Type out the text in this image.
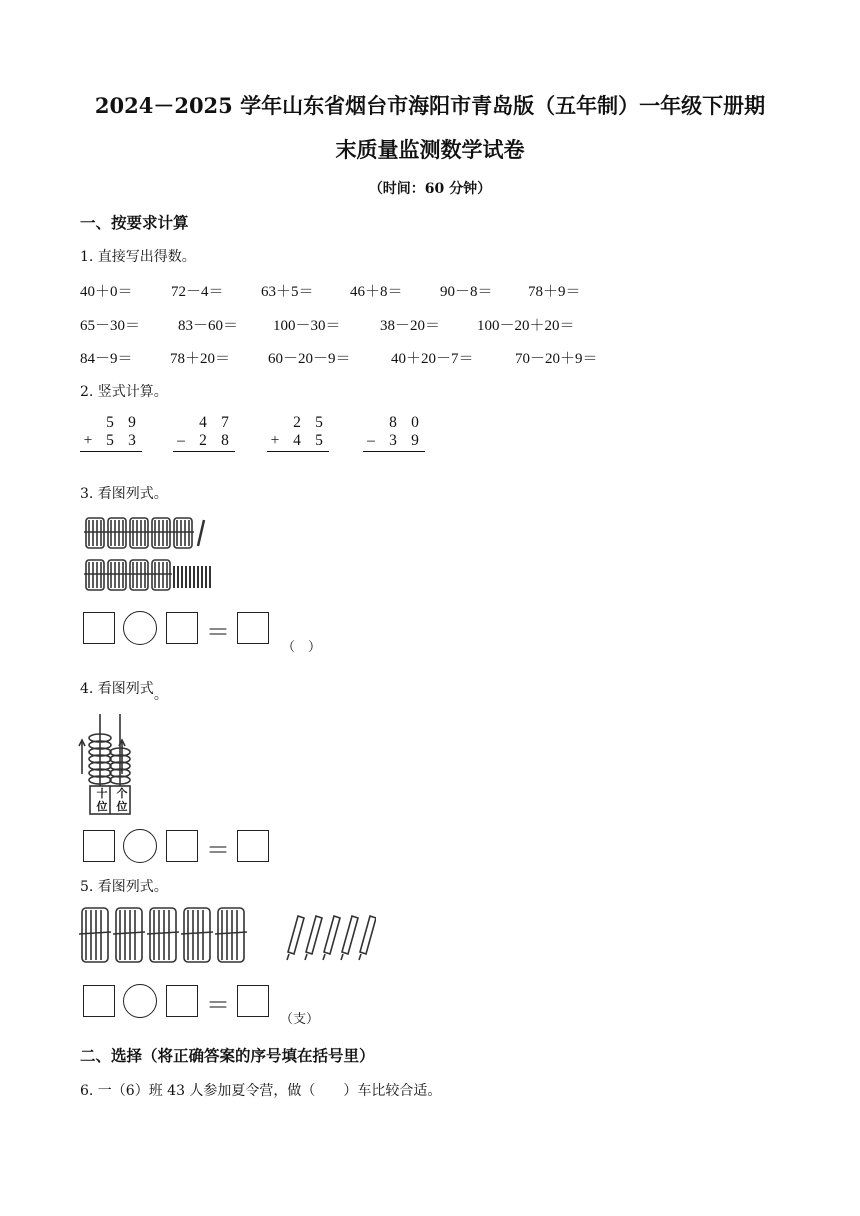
2024－2025 学年山东省烟台市海阳市青岛版（五年制）一年级下册期
末质量监测数学试卷
（时间：60 分钟）
一、按要求计算
1. 直接写出得数。
40＋0＝	72－4＝ 63＋5＝ 46＋8＝ 90－8＝ 78＋9＝
65－30＝	83－60＝ 100－30＝	38－20＝ 100－20＋20＝
84－9＝ 78＋20＝	60－20－9＝	40＋20－7＝	70－20＋9＝
2. 竖式计算。
5 9
+ 5 3
4 7
– 2 8
2 5
+ 4 5
8 0
– 3 9
3. 看图列式。
＝
（　）
4. 看图列式。
十位
个位
＝
5. 看图列式。
＝
（支）
二、选择（将正确答案的序号填在括号里）
6. 一（6）班 43 人参加夏令营，做（　　）车比较合适。
